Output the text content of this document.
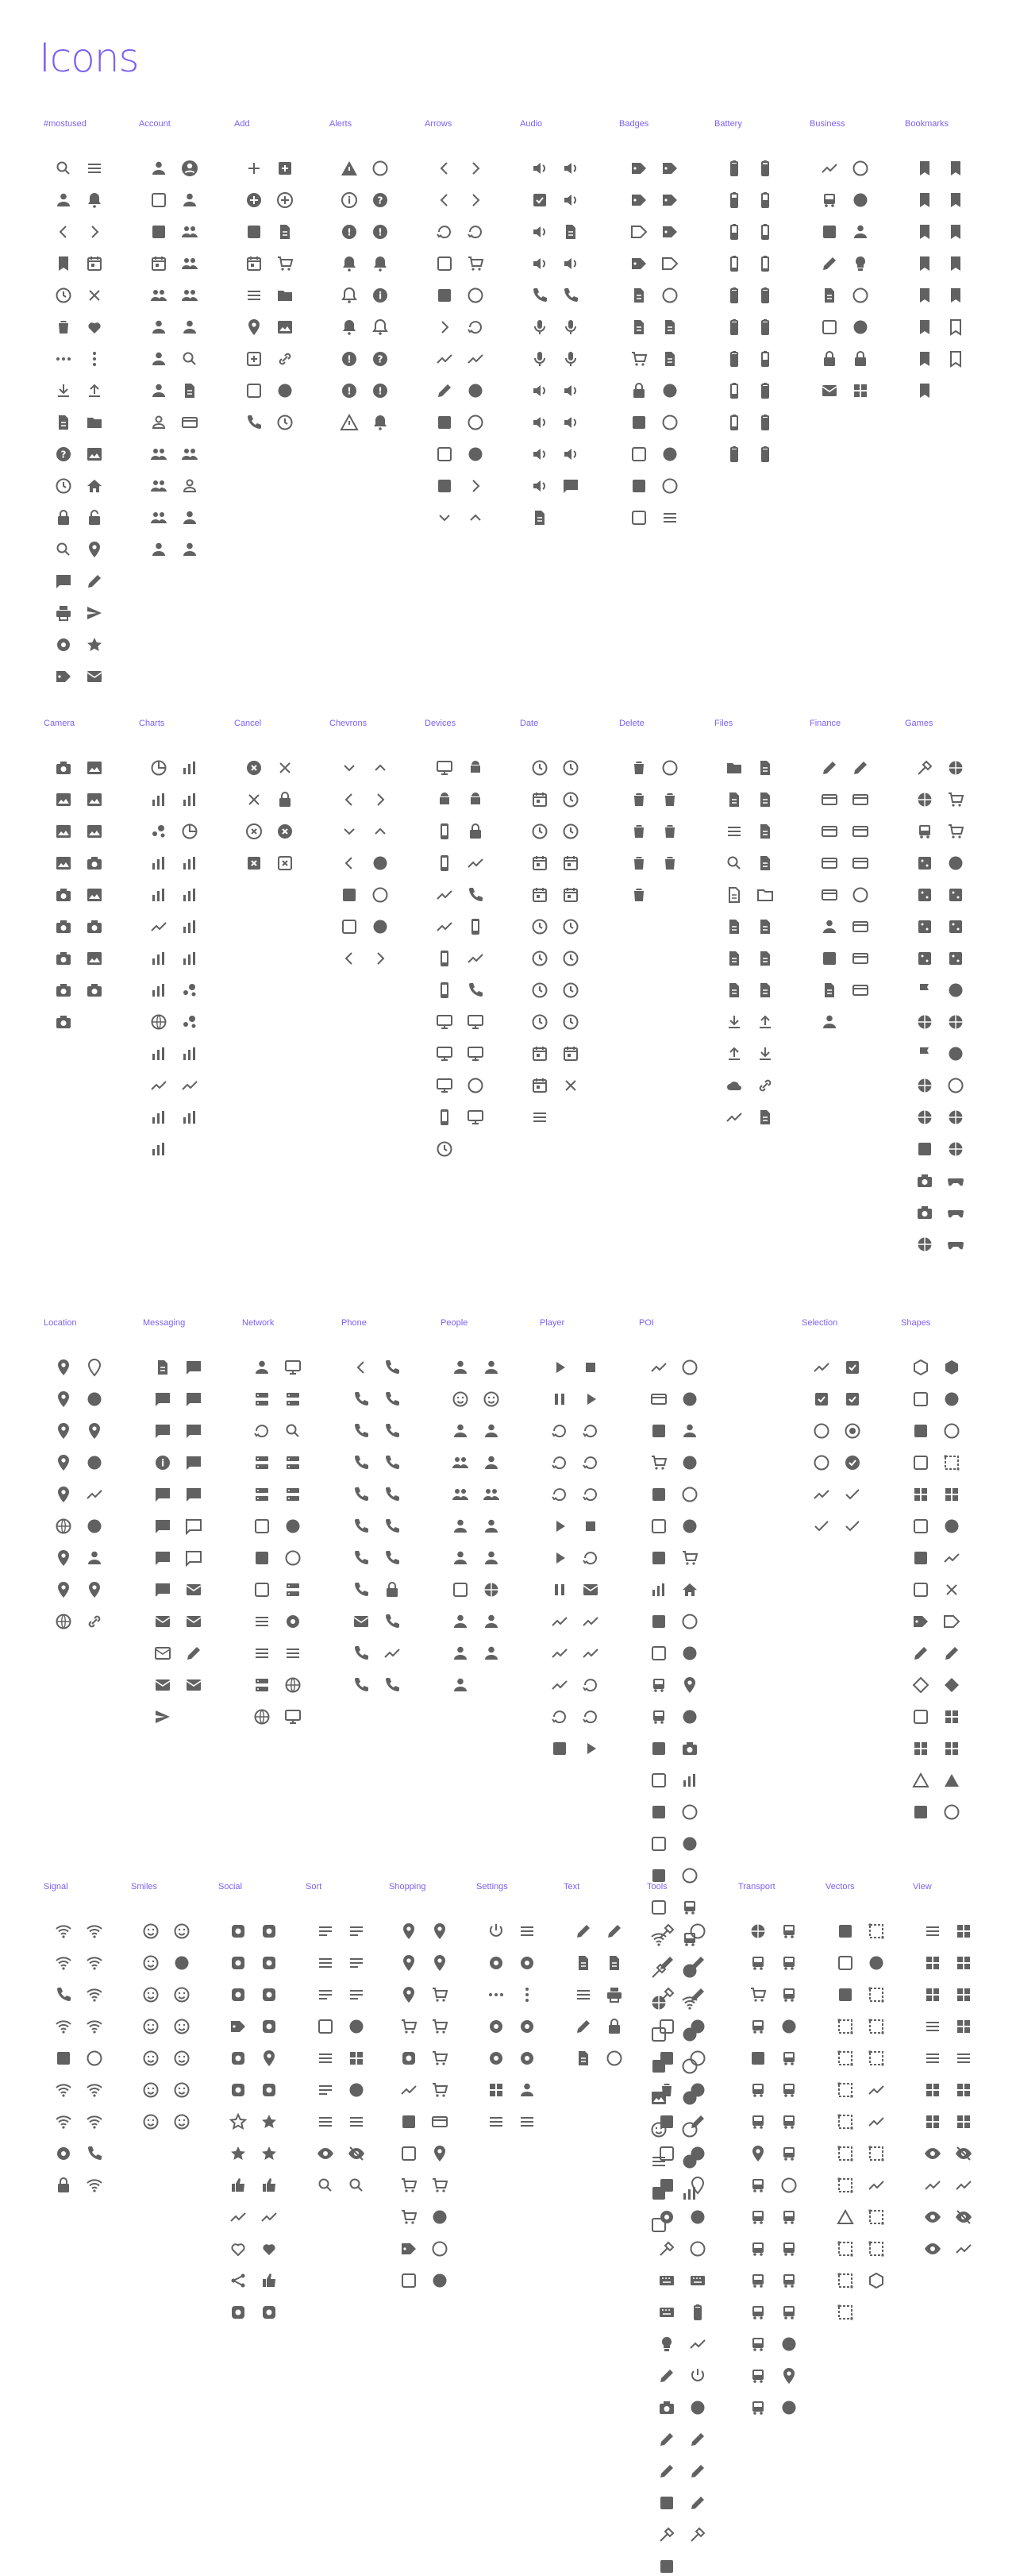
Icons
#mostused
?
Account	Add	Alerts
i	?
!	!
i
!	?
!	!
Arrows	Audio	Badges	Battery	Business	Bookmarks
Camera	Charts	Cancel	Chevrons	Devices	Date	Delete	Files	Finance	Games
Location	Messaging
i
Network	Phone	People	Player	POI	Selection	Shapes
Signal	Smiles	Social	Sort	Shopping	Settings	Text	Tools	Transport	Vectors	View
